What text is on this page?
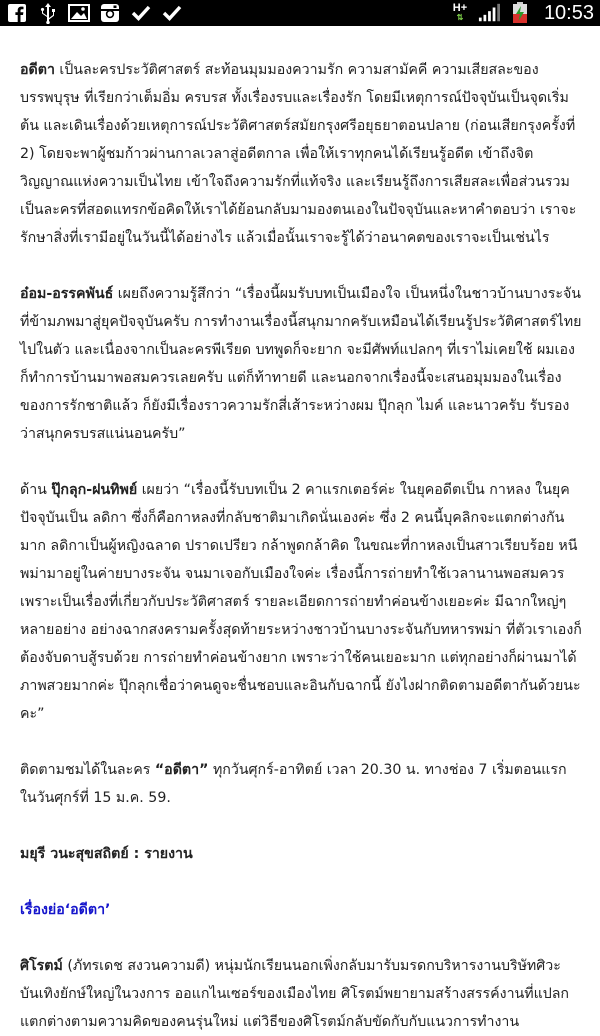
H+
⇅	10:53

อดีตา เป็นละครประวัติศาสตร์ สะท้อนมุมมองความรัก ความสามัคคี ความเสียสละของบรรพบุรุษ ที่เรียกว่าเต็มอิ่ม ครบรส ทั้งเรื่องรบและเรื่องรัก โดยมีเหตุการณ์ปัจจุบันเป็นจุดเริ่มต้น และเดินเรื่องด้วยเหตุการณ์ประวัติศาสตร์สมัยกรุงศรีอยุธยาตอนปลาย (ก่อนเสียกรุงครั้งที่ 2) โดยจะพาผู้ชมก้าวผ่านกาลเวลาสู่อดีตกาล เพื่อให้เราทุกคนได้เรียนรู้อดีต เข้าถึงจิตวิญญาณแห่งความเป็นไทย เข้าใจถึงความรักที่แท้จริง และเรียนรู้ถึงการเสียสละเพื่อส่วนรวม เป็นละครที่สอดแทรกข้อคิดให้เราได้ย้อนกลับมามองตนเองในปัจจุบันและหาคำตอบว่า เราจะรักษาสิ่งที่เรามีอยู่ในวันนี้ได้อย่างไร แล้วเมื่อนั้นเราจะรู้ได้ว่าอนาคตของเราจะเป็นเช่นไร

อ๋อม-อรรคพันธ์ เผยถึงความรู้สึกว่า “เรื่องนี้ผมรับบทเป็นเมืองใจ เป็นหนึ่งในชาวบ้านบางระจันที่ข้ามภพมาสู่ยุคปัจจุบันครับ การทำงานเรื่องนี้สนุกมากครับเหมือนได้เรียนรู้ประวัติศาสตร์ไทยไปในตัว และเนื่องจากเป็นละครพีเรียด บทพูดก็จะยาก จะมีศัพท์แปลกๆ ที่เราไม่เคยใช้ ผมเองก็ทำการบ้านมาพอสมควรเลยครับ แต่ก็ท้าทายดี และนอกจากเรื่องนี้จะเสนอมุมมองในเรื่องของการรักชาติแล้ว ก็ยังมีเรื่องราวความรักสี่เส้าระหว่างผม ปุ๊กลุก ไมค์ และนาวครับ รับรองว่าสนุกครบรสแน่นอนครับ”

ด้าน ปุ๊กลุก-ฝนทิพย์ เผยว่า “เรื่องนี้รับบทเป็น 2 คาแรกเตอร์ค่ะ ในยุคอดีตเป็น กาหลง ในยุคปัจจุบันเป็น ลดิกา ซึ่งก็คือกาหลงที่กลับชาติมาเกิดนั่นเองค่ะ ซึ่ง 2 คนนี้บุคลิกจะแตกต่างกันมาก ลดิกาเป็นผู้หญิงฉลาด ปราดเปรียว กล้าพูดกล้าคิด ในขณะที่กาหลงเป็นสาวเรียบร้อย หนีพม่ามาอยู่ในค่ายบางระจัน จนมาเจอกับเมืองใจค่ะ เรื่องนี้การถ่ายทำใช้เวลานานพอสมควรเพราะเป็นเรื่องที่เกี่ยวกับประวัติศาสตร์ รายละเอียดการถ่ายทำค่อนข้างเยอะค่ะ มีฉากใหญ่ๆ หลายอย่าง อย่างฉากสงครามครั้งสุดท้ายระหว่างชาวบ้านบางระจันกับทหารพม่า ที่ตัวเราเองก็ต้องจับดาบสู้รบด้วย การถ่ายทำค่อนข้างยาก เพราะว่าใช้คนเยอะมาก แต่ทุกอย่างก็ผ่านมาได้ ภาพสวยมากค่ะ ปุ๊กลุกเชื่อว่าคนดูจะชื่นชอบและอินกับฉากนี้ ยังไงฝากติดตามอดีตากันด้วยนะคะ”

ติดตามชมได้ในละคร “อดีตา” ทุกวันศุกร์-อาทิตย์ เวลา 20.30 น. ทางช่อง 7 เริ่มตอนแรก ในวันศุกร์ที่ 15 ม.ค. 59.

มยุรี วนะสุขสถิตย์ : รายงาน

เรื่องย่อ‘อดีตา’

ศิโรตม์ (ภัทรเดช สงวนความดี) หนุ่มนักเรียนนอกเพิ่งกลับมารับมรดกบริหารงานบริษัทศิวะบันเทิงยักษ์ใหญ่ในวงการ ออแกไนเซอร์ของเมืองไทย ศิโรตม์พยายามสร้างสรรค์งานที่แปลกแตกต่างตามความคิดของคนรุ่นใหม่ แต่วิธีของศิโรตม์กลับขัดกับกับแนวการทำงาน
